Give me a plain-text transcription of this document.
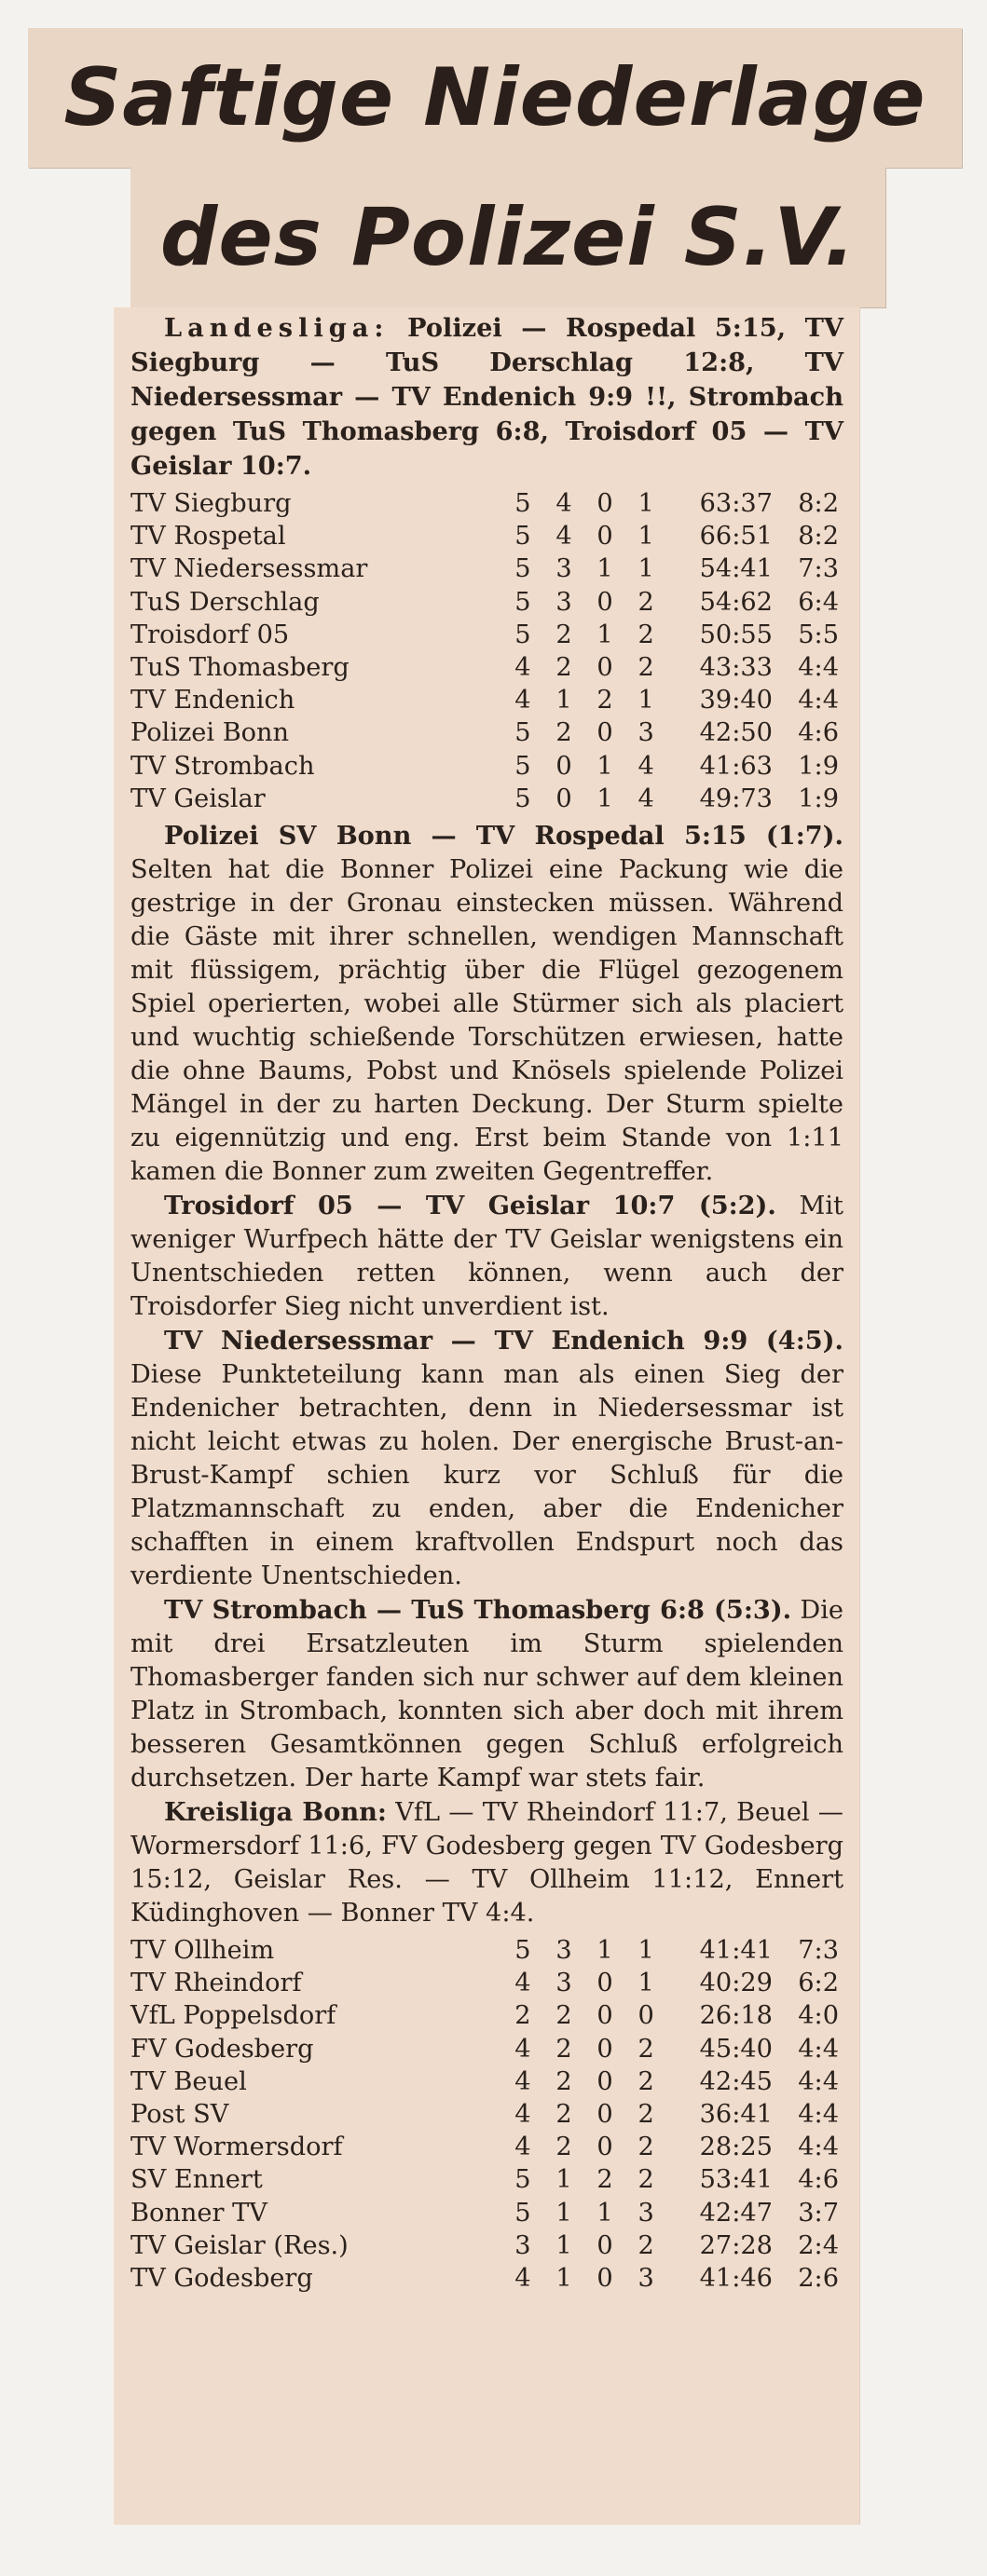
Saftige Niederlage
des Polizei S.V.

Landesliga: Polizei — Rospedal 5:15, TV Siegburg — TuS Derschlag 12:8, TV Niedersessmar — TV Endenich 9:9 !!, Strombach gegen TuS Thomasberg 6:8, Troisdorf 05 — TV Geislar 10:7.

TV Siegburg	5	4	0	1	63:37	8:2
TV Rospetal	5	4	0	1	66:51	8:2
TV Niedersessmar	5	3	1	1	54:41	7:3
TuS Derschlag	5	3	0	2	54:62	6:4
Troisdorf 05	5	2	1	2	50:55	5:5
TuS Thomasberg	4	2	0	2	43:33	4:4
TV Endenich	4	1	2	1	39:40	4:4
Polizei Bonn	5	2	0	3	42:50	4:6
TV Strombach	5	0	1	4	41:63	1:9
TV Geislar	5	0	1	4	49:73	1:9

Polizei SV Bonn — TV Rospedal 5:15 (1:7). Selten hat die Bonner Polizei eine Packung wie die gestrige in der Gronau einstecken müssen. Während die Gäste mit ihrer schnellen, wendigen Mannschaft mit flüssigem, prächtig über die Flügel gezogenem Spiel operierten, wobei alle Stürmer sich als placiert und wuchtig schießende Torschützen erwiesen, hatte die ohne Baums, Pobst und Knösels spielende Polizei Mängel in der zu harten Deckung. Der Sturm spielte zu eigennützig und eng. Erst beim Stande von 1:11 kamen die Bonner zum zweiten Gegentreffer.

Trosidorf 05 — TV Geislar 10:7 (5:2). Mit weniger Wurfpech hätte der TV Geislar wenigstens ein Unentschieden retten können, wenn auch der Troisdorfer Sieg nicht unverdient ist.

TV Niedersessmar — TV Endenich 9:9 (4:5). Diese Punkteteilung kann man als einen Sieg der Endenicher betrachten, denn in Niedersessmar ist nicht leicht etwas zu holen. Der energische Brust-an-Brust-Kampf schien kurz vor Schluß für die Platzmannschaft zu enden, aber die Endenicher schafften in einem kraftvollen Endspurt noch das verdiente Unentschieden.

TV Strombach — TuS Thomasberg 6:8 (5:3). Die mit drei Ersatzleuten im Sturm spielenden Thomasberger fanden sich nur schwer auf dem kleinen Platz in Strombach, konnten sich aber doch mit ihrem besseren Gesamtkönnen gegen Schluß erfolgreich durchsetzen. Der harte Kampf war stets fair.

Kreisliga Bonn: VfL — TV Rheindorf 11:7, Beuel — Wormersdorf 11:6, FV Godesberg gegen TV Godesberg 15:12, Geislar Res. — TV Ollheim 11:12, Ennert Küdinghoven — Bonner TV 4:4.

TV Ollheim	5	3	1	1	41:41	7:3
TV Rheindorf	4	3	0	1	40:29	6:2
VfL Poppelsdorf	2	2	0	0	26:18	4:0
FV Godesberg	4	2	0	2	45:40	4:4
TV Beuel	4	2	0	2	42:45	4:4
Post SV	4	2	0	2	36:41	4:4
TV Wormersdorf	4	2	0	2	28:25	4:4
SV Ennert	5	1	2	2	53:41	4:6
Bonner TV	5	1	1	3	42:47	3:7
TV Geislar (Res.)	3	1	0	2	27:28	2:4
TV Godesberg	4	1	0	3	41:46	2:6
